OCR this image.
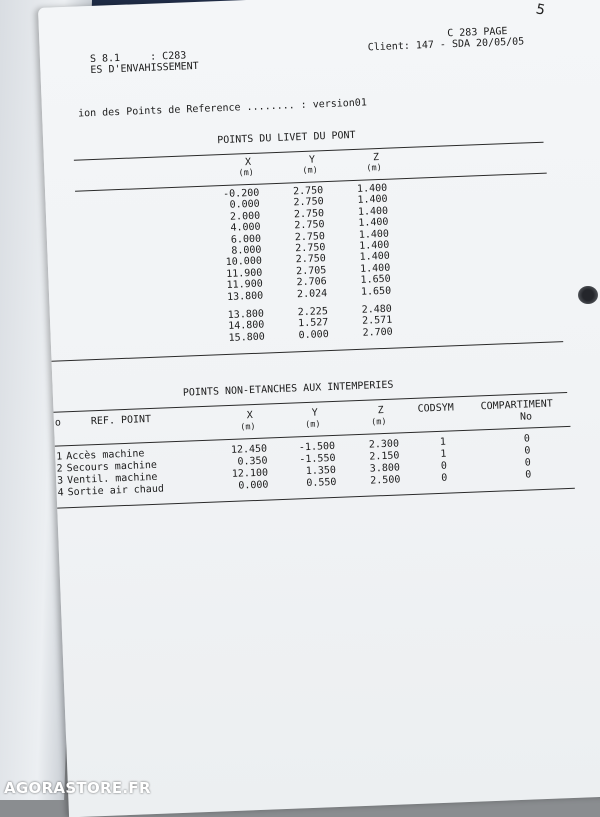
S 8.1     : C283
ES D'ENVAHISSEMENT
C 283 PAGE
Client: 147 - SDA 20/05/05
ion des Points de Reference ........ : version01
POINTS DU LIVET DU PONT
X	Y	Z
(m)	(m)	(m)
-0.200	2.750	1.400
0.000	2.750	1.400
2.000	2.750	1.400
4.000	2.750	1.400
6.000	2.750	1.400
8.000	2.750	1.400
10.000	2.750	1.400
11.900	2.705	1.400
11.900	2.706	1.650
13.800	2.024	1.650
13.800	2.225	2.480
14.800	1.527	2.571
15.800	0.000	2.700
POINTS NON-ETANCHES AUX INTEMPERIES
o	REF. POINT	X	Y	Z	CODSYM	COMPARTIMENT
(m)	(m)	(m)	No
1 Accès machine	12.450	-1.500	2.300	1	0
2 Secours machine	0.350	-1.550	2.150	1	0
3 Ventil. machine	12.100	1.350	3.800	0	0
4 Sortie air chaud	0.000	0.550	2.500	0	0
5
AGORASTORE.FR
